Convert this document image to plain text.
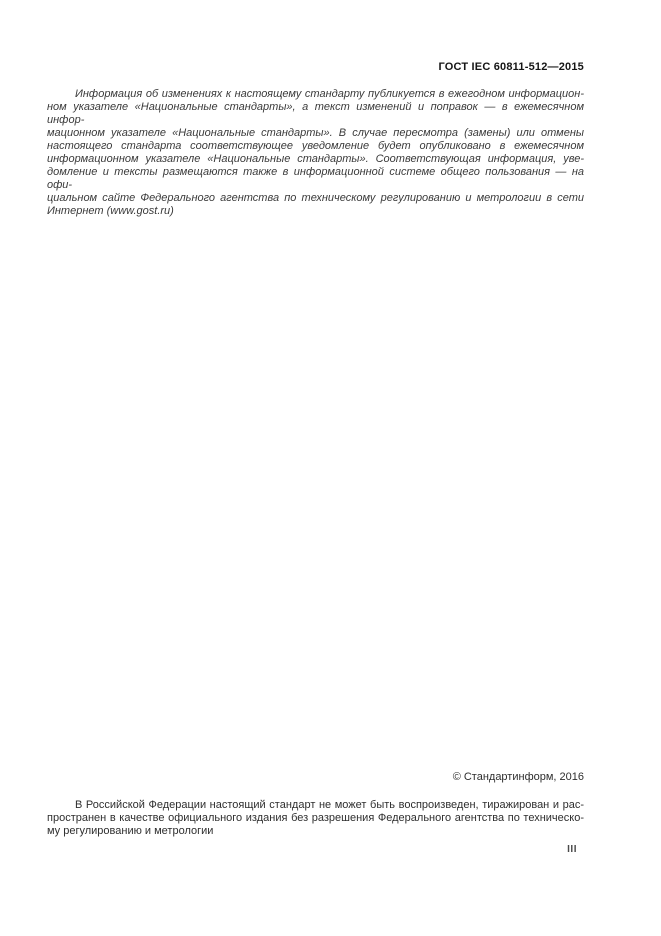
ГОСТ IEC 60811-512—2015
Информация об изменениях к настоящему стандарту публикуется в ежегодном информацион-
ном указателе «Национальные стандарты», а текст изменений и поправок — в ежемесячном инфор-
мационном указателе «Национальные стандарты». В случае пересмотра (замены) или отмены
настоящего стандарта соответствующее уведомление будет опубликовано в ежемесячном
информационном указателе «Национальные стандарты». Соответствующая информация, уве-
домление и тексты размещаются также в информационной системе общего пользования — на офи-
циальном сайте Федерального агентства по техническому регулированию и метрологии в сети
Интернет (www.gost.ru)
© Стандартинформ, 2016
В Российской Федерации настоящий стандарт не может быть воспроизведен, тиражирован и рас-
пространен в качестве официального издания без разрешения Федерального агентства по техническо-
му регулированию и метрологии
III
